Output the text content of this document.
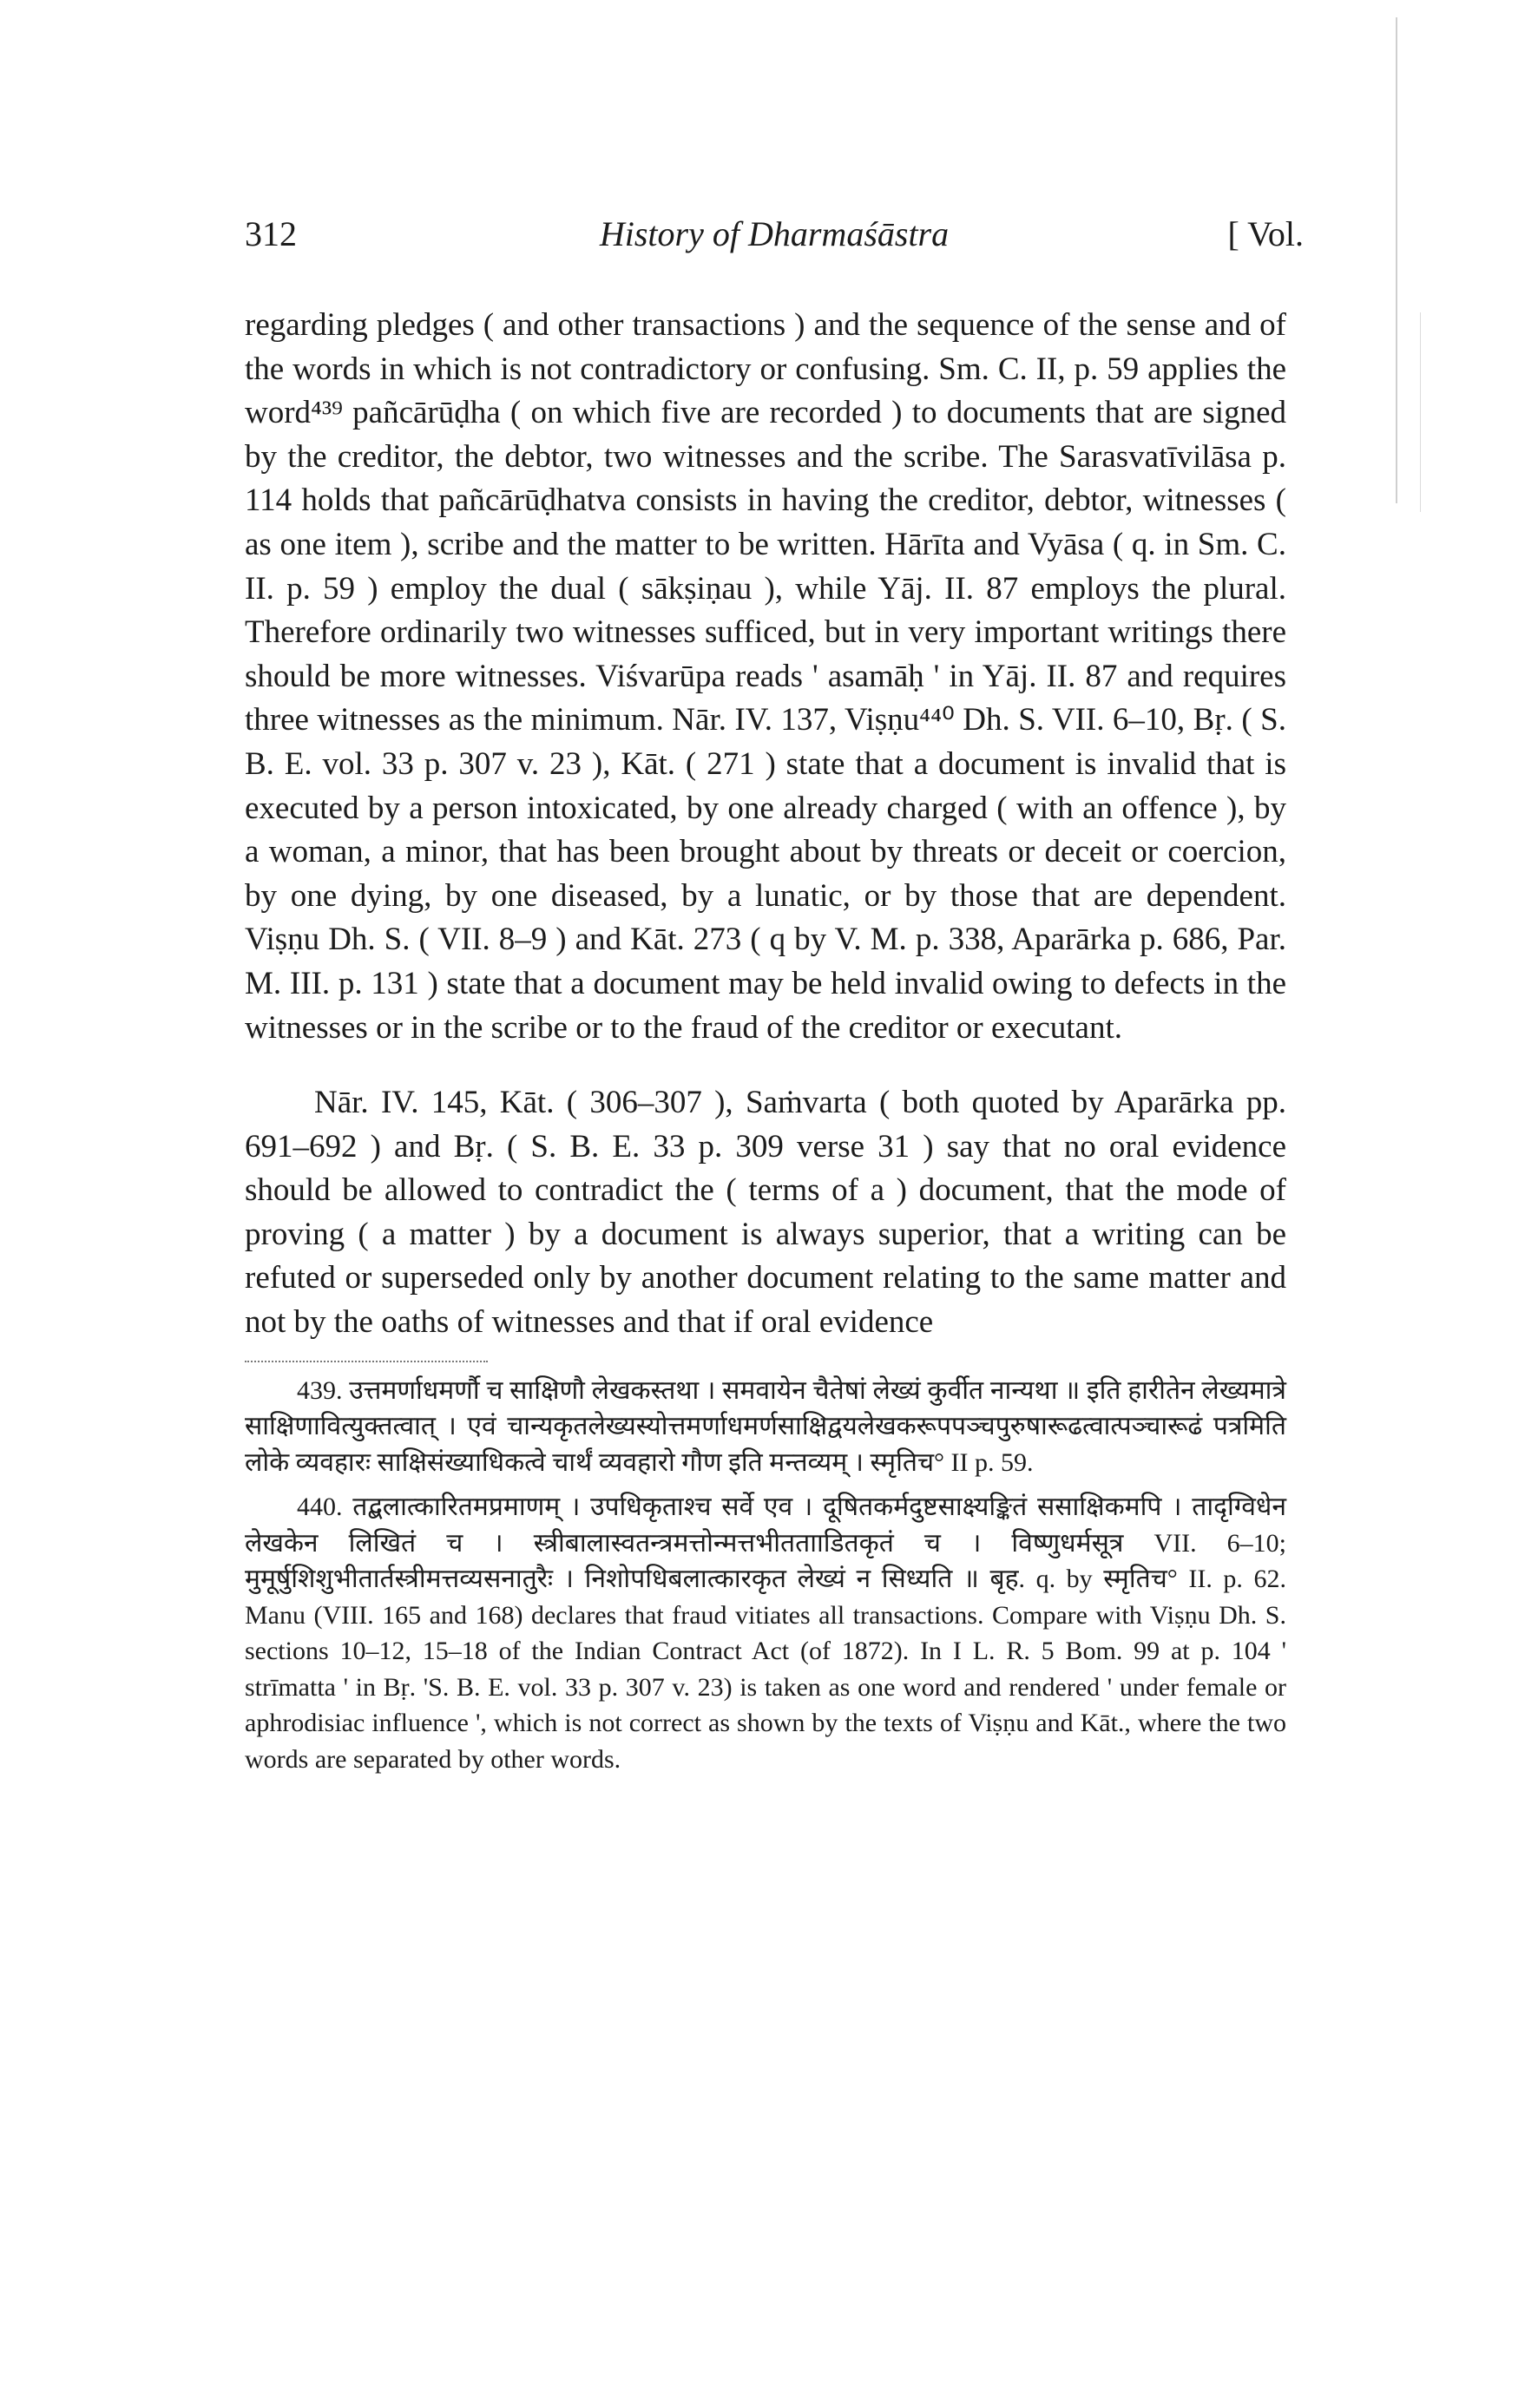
312	History of Dharmaśāstra	[ Vol.

regarding pledges ( and other transactions ) and the sequence of the sense and of the words in which is not contradictory or confusing. Sm. C. II, p. 59 applies the word⁴³⁹ pañcārūḍha ( on which five are recorded ) to documents that are signed by the creditor, the debtor, two witnesses and the scribe. The Sarasvatīvilāsa p. 114 holds that pañcārūḍhatva consists in having the creditor, debtor, witnesses ( as one item ), scribe and the matter to be written. Hārīta and Vyāsa ( q. in Sm. C. II. p. 59 ) employ the dual ( sākṣiṇau ), while Yāj. II. 87 employs the plural. Therefore ordinarily two witnesses sufficed, but in very important writings there should be more witnesses. Viśvarūpa reads ' asamāḥ ' in Yāj. II. 87 and requires three witnesses as the minimum. Nār. IV. 137, Viṣṇu⁴⁴⁰ Dh. S. VII. 6–10, Bṛ. ( S. B. E. vol. 33 p. 307 v. 23 ), Kāt. ( 271 ) state that a document is invalid that is executed by a person intoxicated, by one already charged ( with an offence ), by a woman, a minor, that has been brought about by threats or deceit or coercion, by one dying, by one diseased, by a lunatic, or by those that are dependent. Viṣṇu Dh. S. ( VII. 8–9 ) and Kāt. 273 ( q by V. M. p. 338, Aparārka p. 686, Par. M. III. p. 131 ) state that a document may be held invalid owing to defects in the witnesses or in the scribe or to the fraud of the creditor or executant.

Nār. IV. 145, Kāt. ( 306–307 ), Saṁvarta ( both quoted by Aparārka pp. 691–692 ) and Bṛ. ( S. B. E. 33 p. 309 verse 31 ) say that no oral evidence should be allowed to contradict the ( terms of a ) document, that the mode of proving ( a matter ) by a document is always superior, that a writing can be refuted or superseded only by another document relating to the same matter and not by the oaths of witnesses and that if oral evidence

439. उत्तमर्णाधमर्णौ च साक्षिणौ लेखकस्तथा । समवायेन चैतेषां लेख्यं कुर्वीत नान्यथा ॥ इति हारीतेन लेख्यमात्रे साक्षिणावित्युक्तत्वात् । एवं चान्यकृतलेख्यस्योत्तमर्णाधमर्णसाक्षिद्वयलेखकरूपपञ्चपुरुषारूढत्वात्पञ्चारूढं पत्रमिति लोके व्यवहारः साक्षिसंख्याधिकत्वे चार्थं व्यवहारो गौण इति मन्तव्यम् । स्मृतिच° II p. 59.

440. तद्बलात्कारितमप्रमाणम् । उपधिकृताश्च सर्वे एव । दूषितकर्मदुष्टसाक्ष्यङ्कितं ससाक्षिकमपि । तादृग्विधेन लेखकेन लिखितं च । स्त्रीबालास्वतन्त्रमत्तोन्मत्तभीततााडितकृतं च । विष्णुधर्मसूत्र VII. 6–10; मुमूर्षुशिशुभीतार्तस्त्रीमत्तव्यसनातुरैः । निशोपधिबलात्कारकृत लेख्यं न सिध्यति ॥ बृह. q. by स्मृतिच° II. p. 62. Manu (VIII. 165 and 168) declares that fraud vitiates all transactions. Compare with Viṣṇu Dh. S. sections 10–12, 15–18 of the Indian Contract Act (of 1872). In I L. R. 5 Bom. 99 at p. 104 ' strīmatta ' in Bṛ. 'S. B. E. vol. 33 p. 307 v. 23) is taken as one word and rendered ' under female or aphrodisiac influence ', which is not correct as shown by the texts of Viṣṇu and Kāt., where the two words are separated by other words.
